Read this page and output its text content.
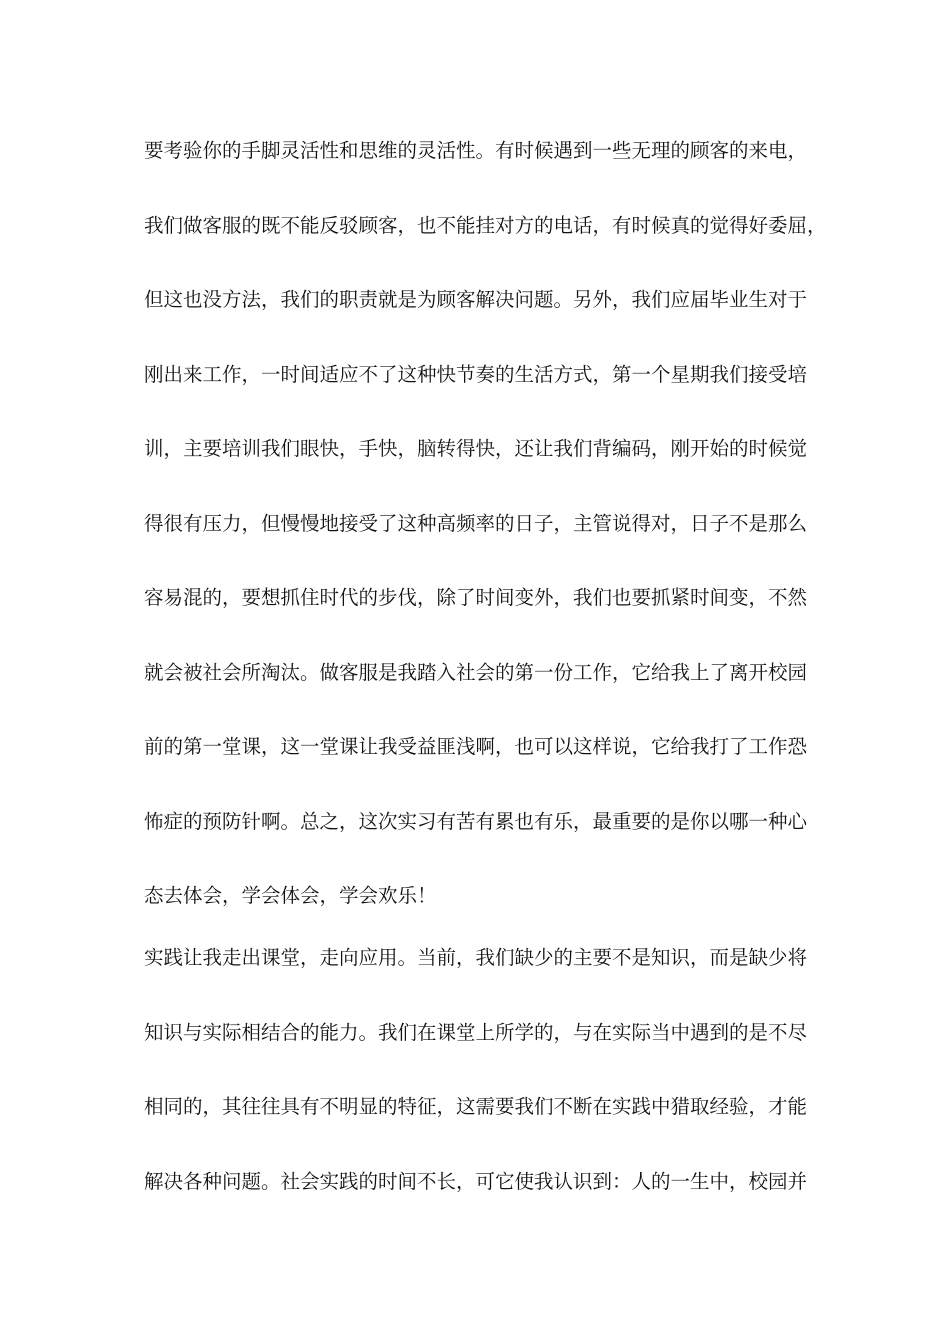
要考验你的手脚灵活性和思维的灵活性。有时候遇到一些无理的顾客的来电，
我们做客服的既不能反驳顾客，也不能挂对方的电话，有时候真的觉得好委屈，
但这也没方法，我们的职责就是为顾客解决问题。另外，我们应届毕业生对于
刚出来工作，一时间适应不了这种快节奏的生活方式，第一个星期我们接受培
训，主要培训我们眼快，手快，脑转得快，还让我们背编码，刚开始的时候觉
得很有压力，但慢慢地接受了这种高频率的日子，主管说得对，日子不是那么
容易混的，要想抓住时代的步伐，除了时间变外，我们也要抓紧时间变，不然
就会被社会所淘汰。做客服是我踏入社会的第一份工作，它给我上了离开校园
前的第一堂课，这一堂课让我受益匪浅啊，也可以这样说，它给我打了工作恐
怖症的预防针啊。总之，这次实习有苦有累也有乐，最重要的是你以哪一种心
态去体会，学会体会，学会欢乐！
实践让我走出课堂，走向应用。当前，我们缺少的主要不是知识，而是缺少将
知识与实际相结合的能力。我们在课堂上所学的，与在实际当中遇到的是不尽
相同的，其往往具有不明显的特征，这需要我们不断在实践中猎取经验，才能
解决各种问题。社会实践的时间不长，可它使我认识到：人的一生中，校园并
